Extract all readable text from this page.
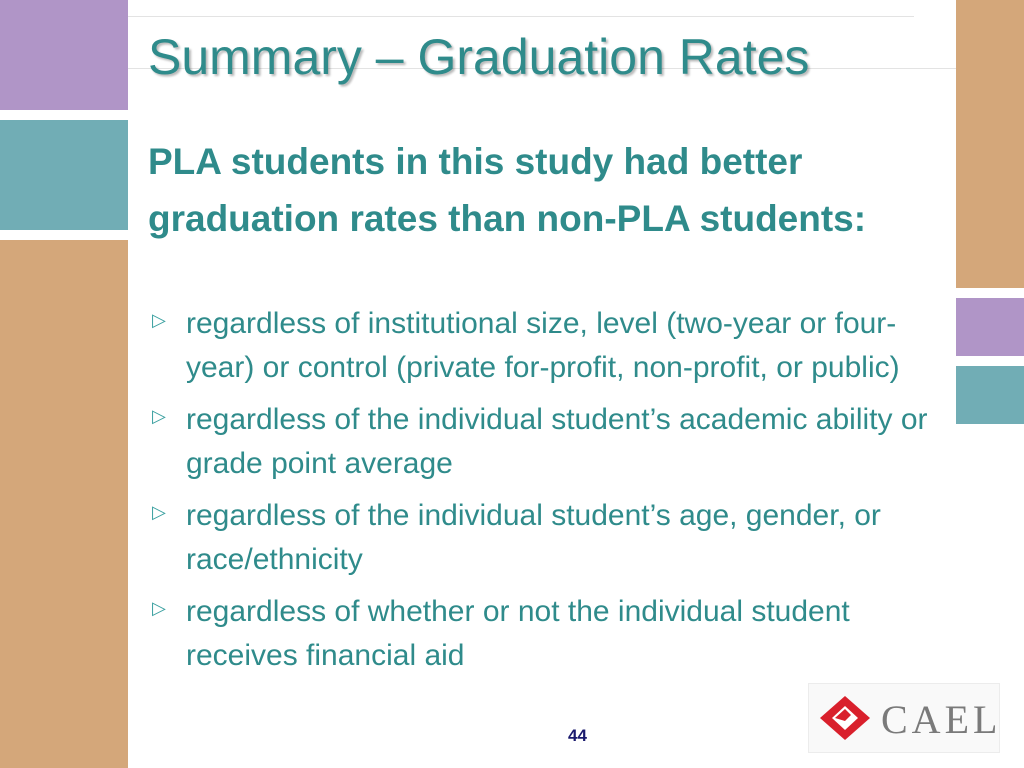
Summary – Graduation Rates

PLA students in this study had better graduation rates than non-PLA students:

▷ regardless of institutional size, level (two-year or four-year) or control (private for-profit, non-profit, or public)
▷ regardless of the individual student’s academic ability or grade point average
▷ regardless of the individual student’s age, gender, or race/ethnicity
▷ regardless of whether or not the individual student receives financial aid
44	CAEL
